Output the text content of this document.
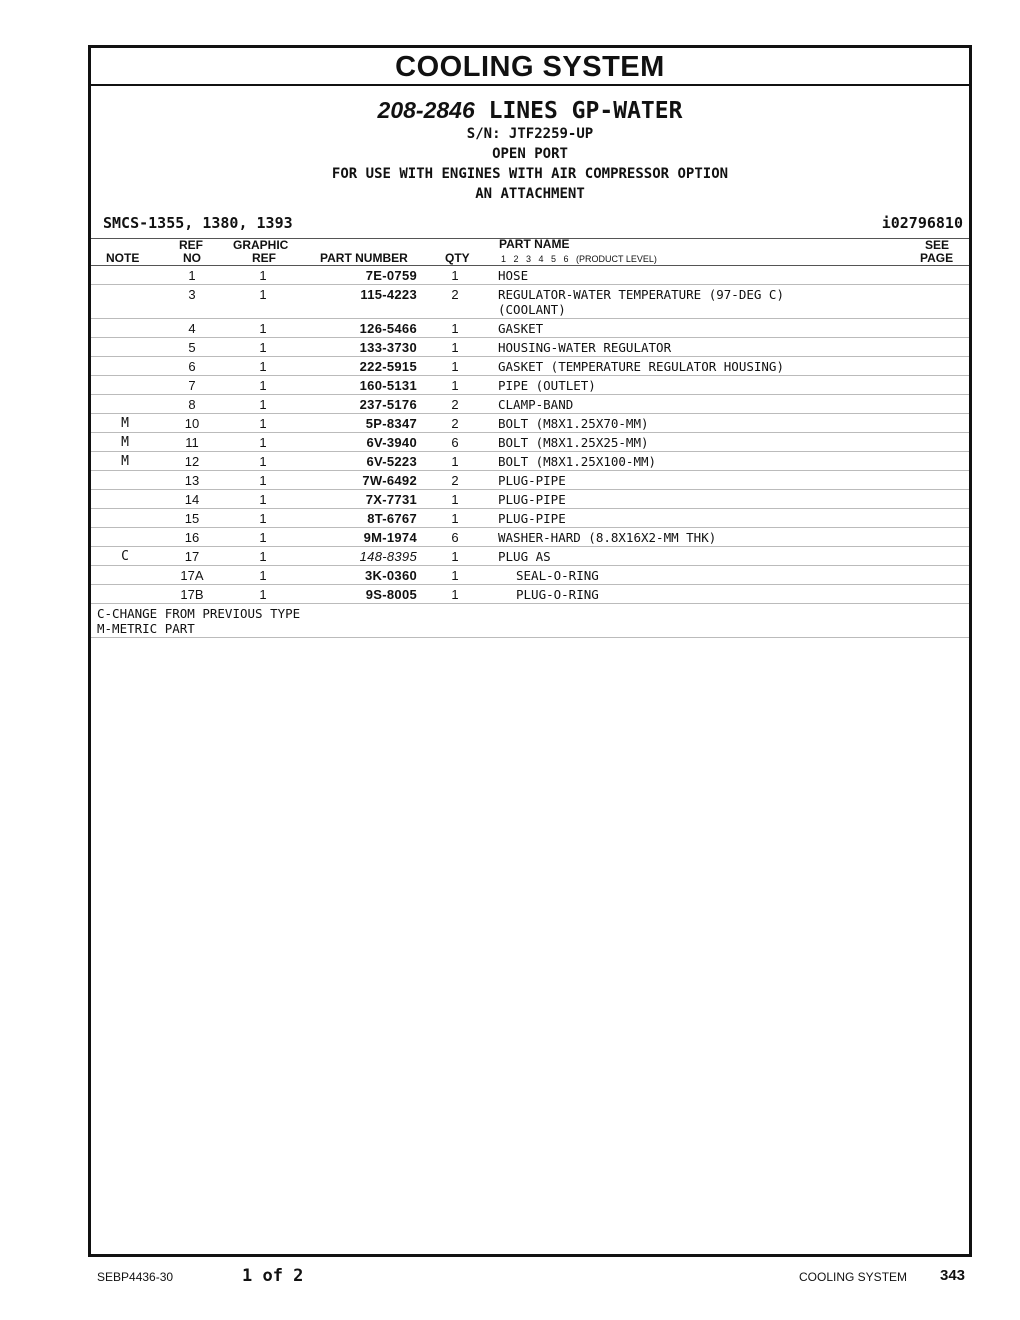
COOLING SYSTEM
208-2846 LINES GP-WATER
S/N: JTF2259-UP
OPEN PORT
FOR USE WITH ENGINES WITH AIR COMPRESSOR OPTION
AN ATTACHMENT
SMCS-1355, 1380, 1393	i02796810
NOTE
REF
NO
GRAPHIC
REF	PART NUMBER	QTY
PART NAME
1   2   3   4   5   6   (PRODUCT LEVEL)
SEE
PAGE
	1	1	7E-0759	1	HOSE	

	3	1	115-4223	2	REGULATOR-WATER TEMPERATURE (97-DEG C)
(COOLANT)	

	4	1	126-5466	1	GASKET	

	5	1	133-3730	1	HOUSING-WATER REGULATOR	

	6	1	222-5915	1	GASKET (TEMPERATURE REGULATOR HOUSING)	

	7	1	160-5131	1	PIPE (OUTLET)	

	8	1	237-5176	2	CLAMP-BAND	

M	10	1	5P-8347	2	BOLT (M8X1.25X70-MM)	

M	11	1	6V-3940	6	BOLT (M8X1.25X25-MM)	

M	12	1	6V-5223	1	BOLT (M8X1.25X100-MM)	

	13	1	7W-6492	2	PLUG-PIPE	

	14	1	7X-7731	1	PLUG-PIPE	

	15	1	8T-6767	1	PLUG-PIPE	

	16	1	9M-1974	6	WASHER-HARD (8.8X16X2-MM THK)	

C	17	1	148-8395	1	PLUG AS	

	17A	1	3K-0360	1	SEAL-O-RING	

	17B	1	9S-8005	1	PLUG-O-RING	

C-CHANGE FROM PREVIOUS TYPE
M-METRIC PART						
SEBP4436-30	1 of 2	COOLING SYSTEM 343
